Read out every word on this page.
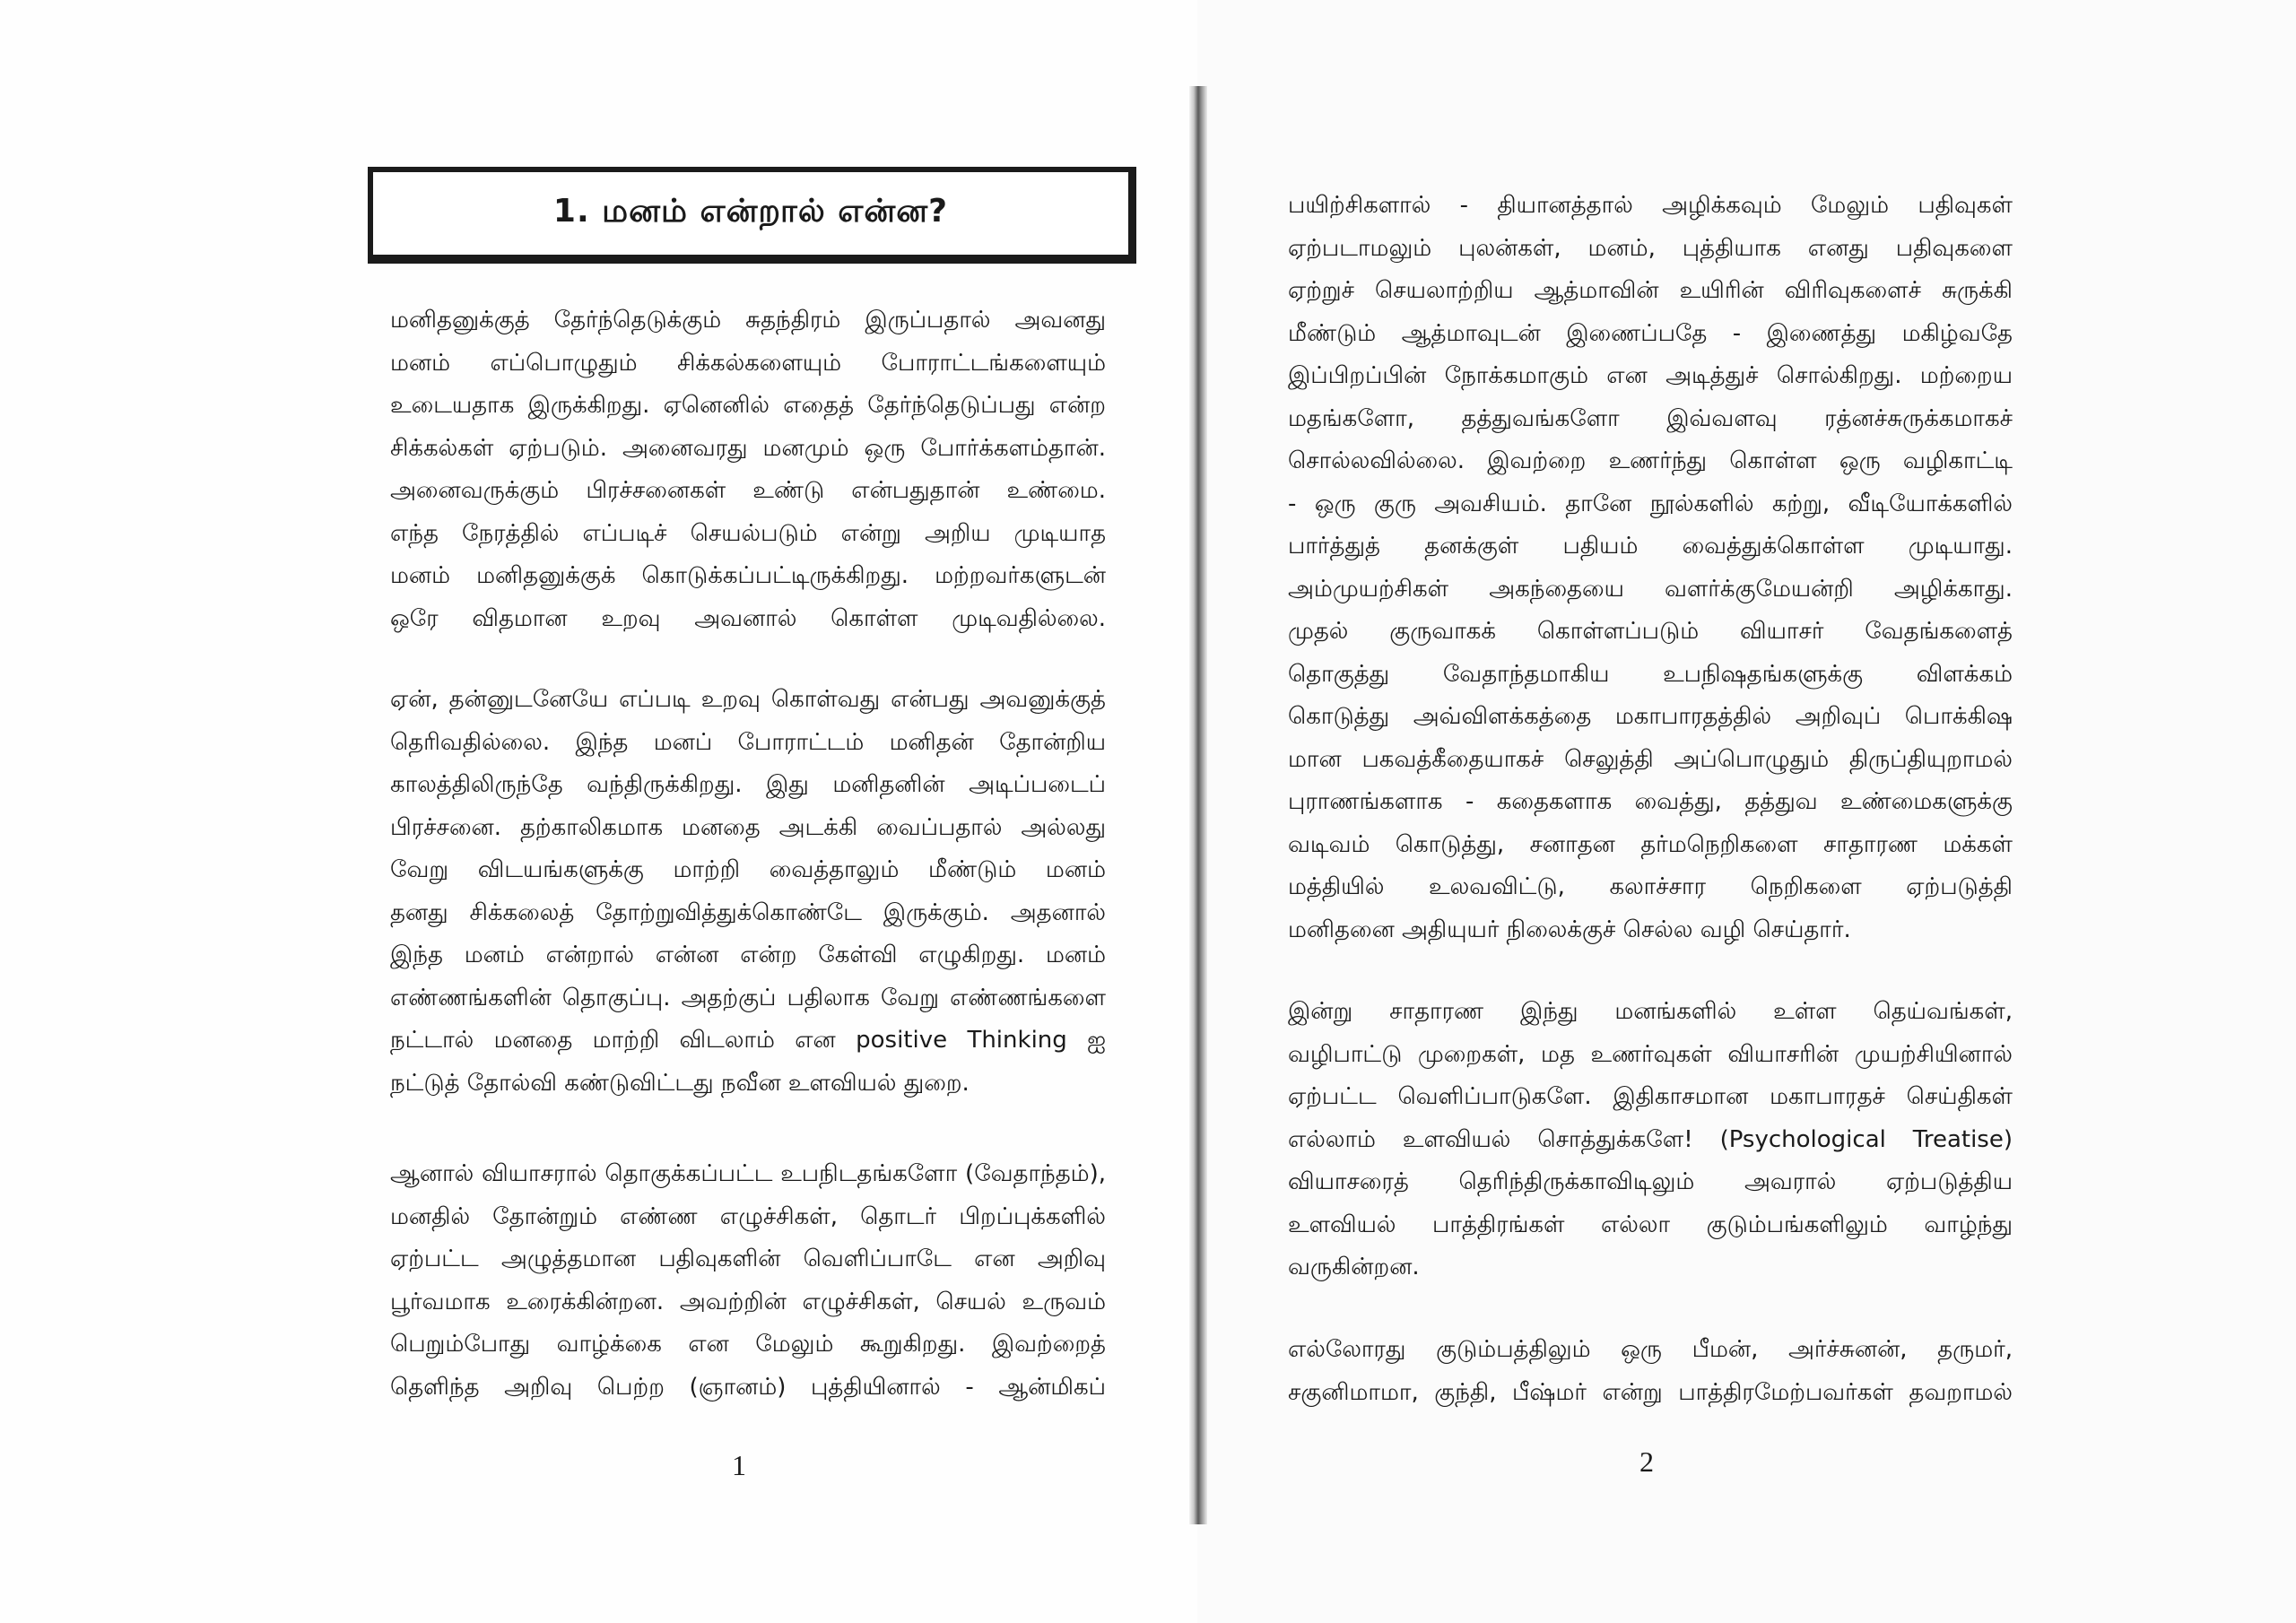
1. மனம் என்றால் என்ன?
மனிதனுக்குத் தேர்ந்தெடுக்கும் சுதந்திரம் இருப்பதால் அவனது
மனம் எப்பொழுதும் சிக்கல்களையும் போராட்டங்களையும்
உடையதாக இருக்கிறது. ஏனெனில் எதைத் தேர்ந்தெடுப்பது என்ற
சிக்கல்கள் ஏற்படும். அனைவரது மனமும் ஒரு போர்க்களம்தான்.
அனைவருக்கும் பிரச்சனைகள் உண்டு என்பதுதான் உண்மை.
எந்த நேரத்தில் எப்படிச் செயல்படும் என்று அறிய முடியாத
மனம் மனிதனுக்குக் கொடுக்கப்பட்டிருக்கிறது. மற்றவர்களுடன்
ஒரே விதமான உறவு அவனால் கொள்ள முடிவதில்லை.
ஏன், தன்னுடனேயே எப்படி உறவு கொள்வது என்பது அவனுக்குத்
தெரிவதில்லை. இந்த மனப் போராட்டம் மனிதன் தோன்றிய
காலத்திலிருந்தே வந்திருக்கிறது. இது மனிதனின் அடிப்படைப்
பிரச்சனை. தற்காலிகமாக மனதை அடக்கி வைப்பதால் அல்லது
வேறு விடயங்களுக்கு மாற்றி வைத்தாலும் மீண்டும் மனம்
தனது சிக்கலைத் தோற்றுவித்துக்கொண்டே இருக்கும். அதனால்
இந்த மனம் என்றால் என்ன என்ற கேள்வி எழுகிறது. மனம்
எண்ணங்களின் தொகுப்பு. அதற்குப் பதிலாக வேறு எண்ணங்களை
நட்டால் மனதை மாற்றி விடலாம் என positive Thinking ஐ
நட்டுத் தோல்வி கண்டுவிட்டது நவீன உளவியல் துறை.
ஆனால் வியாசரால் தொகுக்கப்பட்ட உபநிடதங்களோ (வேதாந்தம்),
மனதில் தோன்றும் எண்ண எழுச்சிகள், தொடர் பிறப்புக்களில்
ஏற்பட்ட அழுத்தமான பதிவுகளின் வெளிப்பாடே என அறிவு
பூர்வமாக உரைக்கின்றன. அவற்றின் எழுச்சிகள், செயல் உருவம்
பெறும்போது வாழ்க்கை என மேலும் கூறுகிறது. இவற்றைத்
தெளிந்த அறிவு பெற்ற (ஞானம்) புத்தியினால் - ஆன்மிகப்
1
பயிற்சிகளால் - தியானத்தால் அழிக்கவும் மேலும் பதிவுகள்
ஏற்படாமலும் புலன்கள், மனம், புத்தியாக எனது பதிவுகளை
ஏற்றுச் செயலாற்றிய ஆத்மாவின் உயிரின் விரிவுகளைச் சுருக்கி
மீண்டும் ஆத்மாவுடன் இணைப்பதே - இணைத்து மகிழ்வதே
இப்பிறப்பின் நோக்கமாகும் என அடித்துச் சொல்கிறது. மற்றைய
மதங்களோ, தத்துவங்களோ இவ்வளவு ரத்னச்சுருக்கமாகச்
சொல்லவில்லை. இவற்றை உணர்ந்து கொள்ள ஒரு வழிகாட்டி
- ஒரு குரு அவசியம். தானே நூல்களில் கற்று, வீடியோக்களில்
பார்த்துத் தனக்குள் பதியம் வைத்துக்கொள்ள முடியாது.
அம்முயற்சிகள் அகந்தையை வளர்க்குமேயன்றி அழிக்காது.
முதல் குருவாகக் கொள்ளப்படும் வியாசர் வேதங்களைத்
தொகுத்து வேதாந்தமாகிய உபநிஷதங்களுக்கு விளக்கம்
கொடுத்து அவ்விளக்கத்தை மகாபாரதத்தில் அறிவுப் பொக்கிஷ
மான பகவத்கீதையாகச் செலுத்தி அப்பொழுதும் திருப்தியுறாமல்
புராணங்களாக - கதைகளாக வைத்து, தத்துவ உண்மைகளுக்கு
வடிவம் கொடுத்து, சனாதன தர்மநெறிகளை சாதாரண மக்கள்
மத்தியில் உலவவிட்டு, கலாச்சார நெறிகளை ஏற்படுத்தி
மனிதனை அதியுயர் நிலைக்குச் செல்ல வழி செய்தார்.
இன்று சாதாரண இந்து மனங்களில் உள்ள தெய்வங்கள்,
வழிபாட்டு முறைகள், மத உணர்வுகள் வியாசரின் முயற்சியினால்
ஏற்பட்ட வெளிப்பாடுகளே. இதிகாசமான மகாபாரதச் செய்திகள்
எல்லாம் உளவியல் சொத்துக்களே! (Psychological Treatise)
வியாசரைத் தெரிந்திருக்காவிடிலும் அவரால் ஏற்படுத்திய
உளவியல் பாத்திரங்கள் எல்லா குடும்பங்களிலும் வாழ்ந்து
வருகின்றன.
எல்லோரது குடும்பத்திலும் ஒரு பீமன், அர்ச்சுனன், தருமர்,
சகுனிமாமா, குந்தி, பீஷ்மர் என்று பாத்திரமேற்பவர்கள் தவறாமல்
2
